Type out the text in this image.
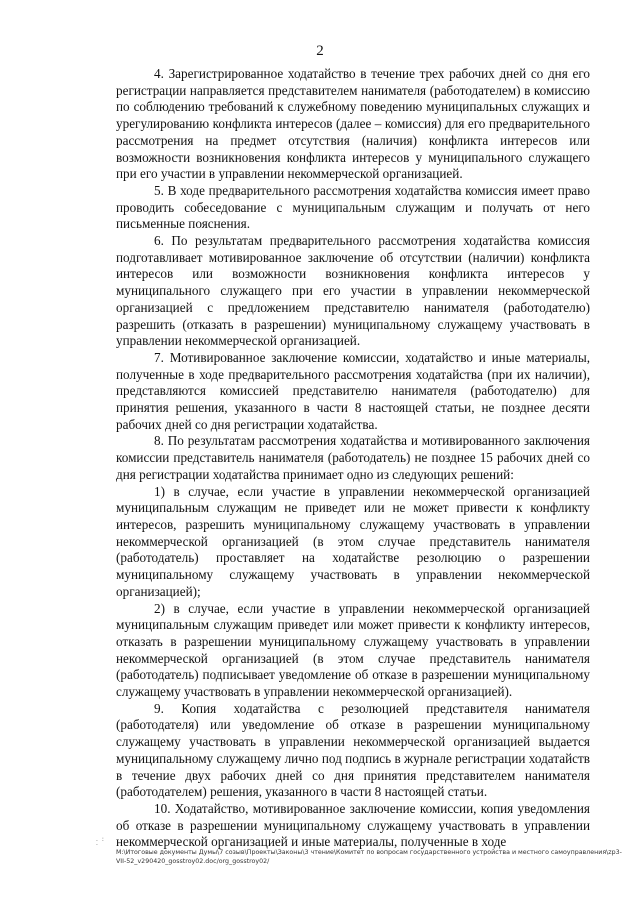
2

4. Зарегистрированное ходатайство в течение трех рабочих дней со дня его регистрации направляется представителем нанимателя (работодателем) в комиссию по соблюдению требований к служебному поведению муниципальных служащих и урегулированию конфликта интересов (далее – комиссия) для его предварительного рассмотрения на предмет отсутствия (наличия) конфликта интересов или возможности возникновения конфликта интересов у муниципального служащего при его участии в управлении некоммерческой организацией.

5. В ходе предварительного рассмотрения ходатайства комиссия имеет право проводить собеседование с муниципальным служащим и получать от него письменные пояснения.

6. По результатам предварительного рассмотрения ходатайства комиссия подготавливает мотивированное заключение об отсутствии (наличии) конфликта интересов или возможности возникновения конфликта интересов у муниципального служащего при его участии в управлении некоммерческой организацией с предложением представителю нанимателя (работодателю) разрешить (отказать в разрешении) муниципальному служащему участвовать в управлении некоммерческой организацией.

7. Мотивированное заключение комиссии, ходатайство и иные материалы, полученные в ходе предварительного рассмотрения ходатайства (при их наличии), представляются комиссией представителю нанимателя (работодателю) для принятия решения, указанного в части 8 настоящей статьи, не позднее десяти рабочих дней со дня регистрации ходатайства.

8. По результатам рассмотрения ходатайства и мотивированного заключения комиссии представитель нанимателя (работодатель) не позднее 15 рабочих дней со дня регистрации ходатайства принимает одно из следующих решений:

1) в случае, если участие в управлении некоммерческой организацией муниципальным служащим не приведет или не может привести к конфликту интересов, разрешить муниципальному служащему участвовать в управлении некоммерческой организацией (в этом случае представитель нанимателя (работодатель) проставляет на ходатайстве резолюцию о разрешении муниципальному служащему участвовать в управлении некоммерческой организацией);

2) в случае, если участие в управлении некоммерческой организацией муниципальным служащим приведет или может привести к конфликту интересов, отказать в разрешении муниципальному служащему участвовать в управлении некоммерческой организацией (в этом случае представитель нанимателя (работодатель) подписывает уведомление об отказе в разрешении муниципальному служащему участвовать в управлении некоммерческой организацией).

9. Копия ходатайства с резолюцией представителя нанимателя (работодателя) или уведомление об отказе в разрешении муниципальному служащему участвовать в управлении некоммерческой организацией выдается муниципальному служащему лично под подпись в журнале регистрации ходатайств в течение двух рабочих дней со дня принятия представителем нанимателя (работодателем) решения, указанного в части 8 настоящей статьи.

10. Ходатайство, мотивированное заключение комиссии, копия уведомления об отказе в разрешении муниципальному служащему участвовать в управлении некоммерческой организацией и иные материалы, полученные в ходе

. :
.
M:\Итоговые документы Думы\7 созыв\Проекты\Законы\3 чтение\Комитет по вопросам государственного устройства и местного самоуправления\zp3-VII-52_v290420_gosstroy02.doc/org_gosstroy02/
